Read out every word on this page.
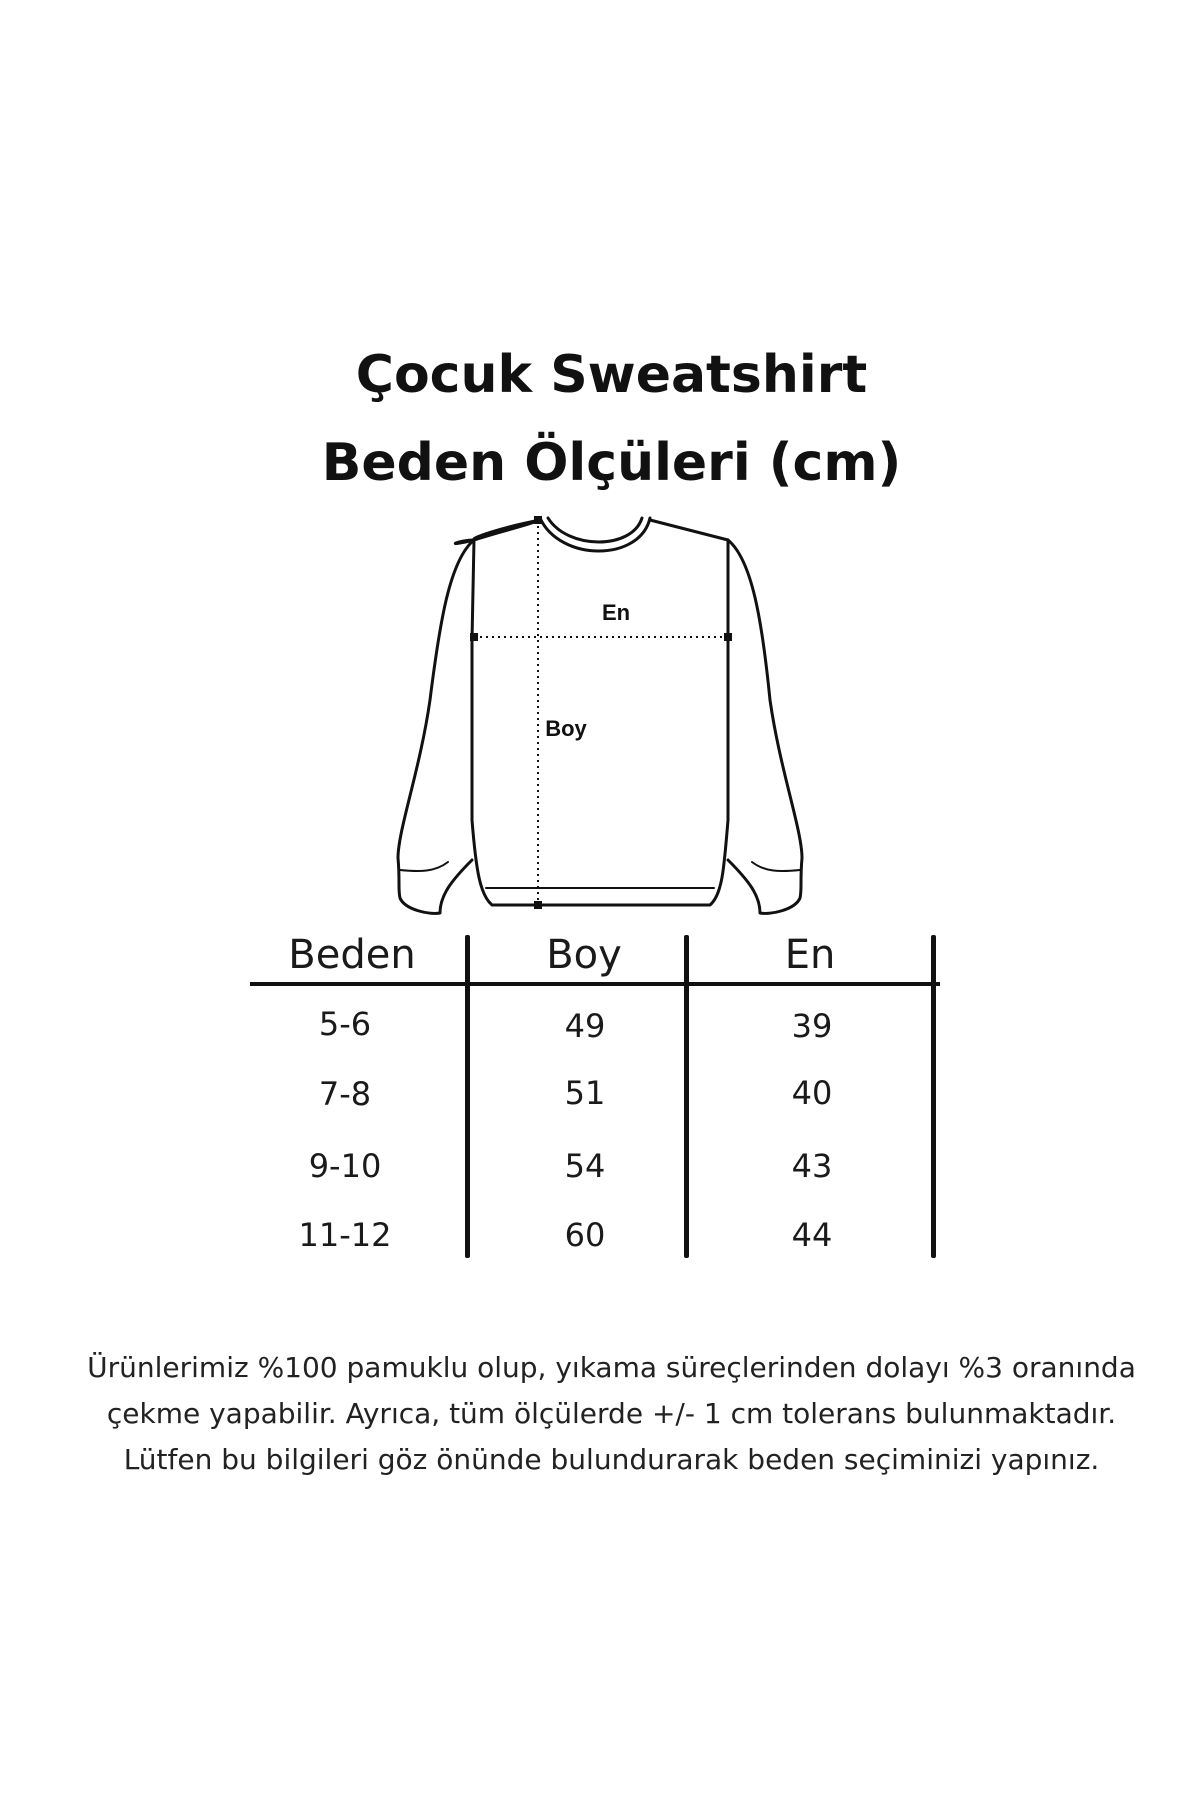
Çocuk Sweatshirt
Beden Ölçüleri (cm)
En
Boy
Beden	Boy	En
5-6	49	39
7-8	51	40
9-10	54	43
11-12	60	44
Ürünlerimiz %100 pamuklu olup, yıkama süreçlerinden dolayı %3 oranında
çekme yapabilir. Ayrıca, tüm ölçülerde +/- 1 cm tolerans bulunmaktadır.
Lütfen bu bilgileri göz önünde bulundurarak beden seçiminizi yapınız.
